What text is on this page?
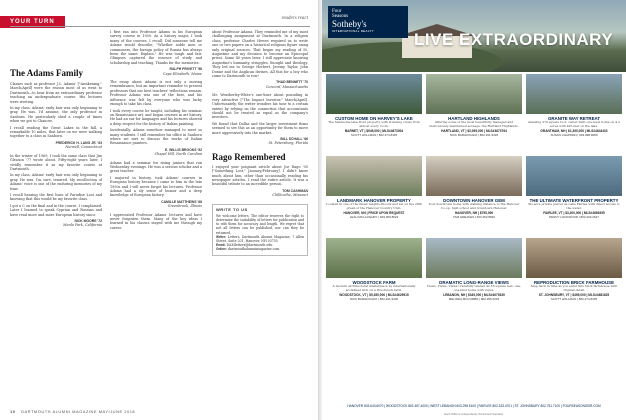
YOUR TURN
readers react
The Adams Family

Classes such as professor J.C. Adams' ["Awakening," March/April] were the reason most of us went to Dartmouth—to hear from an extraordinary professor teaching an undergraduate course. His lectures were riveting.

In my class, Adams' early hair was only beginning to gray. He was, I'd assume, the only professor in Sanborn. He particularly shed a couple of times when we got to Chaucer.

I recall reading the Great Lakes in the fall, a remarkable 10 miles, that later on we were walking together to a class in Sanborn.

FREDERICK H. LANG JR. '63
Norwell, Connecticut

In the winter of 1969, I took the same class that Jim Gleason '77 wrote about. Fifty-eight years later, I vividly remember it as my favorite course at Dartmouth.

In my class, Adams' early hair was only beginning to gray. He was, I'm sure, tenured. My recollection of Adams' voice is one of the enduring memories of my time.

I recall hearing the first lines of Paradise Lost and knowing that this would be my favorite class.

I got a C on the final and in the course. I complained. Later I learned to speak Cyprian and Russian and have read more and more European history since.

NICK MOORE '72
Menlo Park, California

I first ran into Professor Adams in his European survey course in 1950. As a history major, I took many of the courses. I recall: Did someone tell me Adams would describe, "Whether noble men or commoners, the foreign policy of Russia has always been the same: Explain." He was tough and fair. Glimpses captured the essence of study and scholarship and teaching. Thanks for the memories.

RALPH PRIVETT '58
Cape Elizabeth, Maine

The essay about Adams is not only a moving remembrance, but an important reminder to present professors that our best teachers' reflections remain. Professor Adams was one of the best, and his influence was felt by everyone who was lucky enough to take his class.

I took every course he taught, including his seminar on Renaissance art, and began courses in art history. He had an ear for languages and his lectures showed a deep respect for the history of Italian painting.

Incidentally, Adams somehow managed to meet so many students. I still remember his office in Sanborn where we met to discuss the works of Italian Renaissance painters.

E. WILLIS BROOKS '52
Chapel Hill, North Carolina

Adams had a seminar for rising juniors that ran Wednesday evenings. He was a serious scholar and a great teacher.

I majored in history, took Adams' courses in European history because I came to him in the late 1950s and I will never forget his lectures. Professor Adams had a sly sense of humor and a deep knowledge of European history.

CAMILLE MATTHEWS '68
Greenbrook, Illinois

I appreciated Professor Adams' lectures and have never forgotten them. Many of the key ideas I learned in his classes stayed with me through my career.

about Professor Adams. They reminded me of my most challenging assignment at Dartmouth. In a religion class, professor Charles Hewes required us to write one or two papers on a historical religious figure using only original sources. That began my reading of St. Augustine and my decision to become an Episcopal priest. Some 40 years later, I still appreciate knowing Augustine's humanity, struggles, thought and theology. They led me to George Herbert, Jeremy Taylor, John Donne and the Anglican divines. All this for a boy who came to Dartmouth to row!

THAD BENNETT '70
Concord, Massachusetts

Mr. Weatherley-White's one-liner about pounding in very attractive ["The Impact Investor," March/April]. Unfortunately, the writer wonders his tone to a certain extent by relying on the connection that accountants should not be treated as equal as the company's investors.

We found that Dallas and the larger investment firms seemed to see this as an opportunity for them to move more aggressively into the market.

BILL SCHALL '66
St. Petersburg, Florida
Rago Remembered

I enjoyed your poignant article about Joe Rago '05 ["Something Lost," January/February]. I didn't know much about him, other than occasionally reading his newspaper articles. I read the entire article. It was a beautiful tribute to an incredible person.

TOM CASHMAN
Chillicothe, Missouri
WRITE TO US
We welcome letters. The editor reserves the right to determine the suitability of letters for publication and to edit them for accuracy and length. We regret that not all letters can be published, nor can they be returned.
Writer: Letters, Dartmouth Alumni Magazine, 7 Allen Street, Suite 201, Hanover, NH 03755
Email: DAMletters@dartmouth.edu
Online: dartmouthalumnimagazine.com
10 DARTMOUTH ALUMNI MAGAZINE MAY/JUNE 2018
Four
Seasons
Sotheby's
INTERNATIONAL REALTY	LIVE EXTRAORDINARY
CUSTOM HOME ON HARVEY'S LAKE
The handsome lake-front property with stunning views from almost every room.
BARNET, VT | $949,000 | MLS#4673004
SCOTT HOLLMAN | 802.274.8435
HARTLAND HIGHLANDS
Offering some of the most beautifully managed and meticulously maintained acreage, the Hartland Highlands.
HARTLAND, VT | $3,095,000 | MLS#4673764
NICK BARGIOGGIO | 802.291.9436
GRANITE WAY RETREAT
Amazing 270 square foot, owner-built one-level home on 4.2 acres with 425 feet on the lake.
GRANTHAM, NH | $1,390,000 | MLS#4644403
SUSAN CHAPMAN | 603.998.9089
LANDMARK HANOVER PROPERTY
Located in one of the finest neighborhoods and set on the 28th green of the Hanover Country Club.
HANOVER, NH | PRICE UPON REQUEST
LEAH MCLAUGHRY | 603.359.8622
DOWNTOWN HANOVER GEM
Your downtown home with walking distance to the Hanover Co-op, high school and downtown Hanover.
HANOVER, NH | $795,000
TAM GREAVES | 603.252.8840
THE ULTIMATE WATERFRONT PROPERTY
Six-acre private parcel on Lake Fairlee with direct access to the water.
FAIRLEE, VT | $3,200,000 | MLS#4669355
PENNY LOCKWOOD | 802.333.2647
WOODSTOCK FARM
A modern architectural masterpiece by internationally acclaimed firm on a Woodstock farm.
WOODSTOCK, VT | $5,350,000 | MLS#4629915
NICK BARGIOGGIO | 802.291.9436
DRAMATIC LONG-RANGE VIEWS
Views. Views. Views! Carefully tended 42.55 square feet, one-of-a-kind home with views.
LEBANON, NH | $349,000 | MLS#4679339
MELINDA MCCOMBS | 802.295.2003
REPRODUCTION BRICK FARMHOUSE
Step back in time as you enter this brick farmhouse with original detail.
ST. JOHNSBURY, VT | $495,000 | MLS#4681625
SCOTT HOLLMAN | 802.274.8435
HANOVER 603.643.6070 | WOODSTOCK 802.457.4000 | WEST LEBANON 603.298.5100 | FAIRLEE 802.333.4701 | ST. JOHNSBURY 802.751.7100 | FOURSEASONSSIR.COM
Each Office is Independently Owned and Operated.
